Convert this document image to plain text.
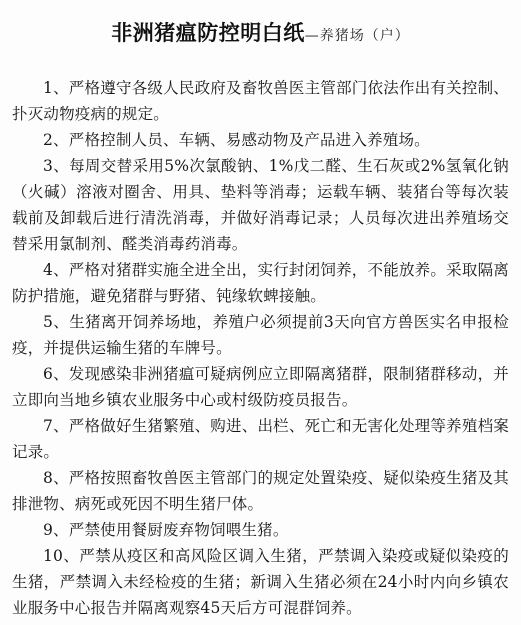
非洲猪瘟防控明白纸—养猪场（户）

1、严格遵守各级人民政府及畜牧兽医主管部门依法作出有关控制、扑灭动物疫病的规定。

2、严格控制人员、车辆、易感动物及产品进入养殖场。

3、每周交替采用5%次氯酸钠、1%戊二醛、生石灰或2%氢氧化钠（火碱）溶液对圈舍、用具、垫料等消毒；运载车辆、装猪台等每次装载前及卸载后进行清洗消毒，并做好消毒记录；人员每次进出养殖场交替采用氯制剂、醛类消毒药消毒。

4、严格对猪群实施全进全出，实行封闭饲养，不能放养。采取隔离防护措施，避免猪群与野猪、钝缘软蜱接触。

5、生猪离开饲养场地，养殖户必须提前3天向官方兽医实名申报检疫，并提供运输生猪的车牌号。

6、发现感染非洲猪瘟可疑病例应立即隔离猪群，限制猪群移动，并立即向当地乡镇农业服务中心或村级防疫员报告。

7、严格做好生猪繁殖、购进、出栏、死亡和无害化处理等养殖档案记录。

8、严格按照畜牧兽医主管部门的规定处置染疫、疑似染疫生猪及其排泄物、病死或死因不明生猪尸体。

9、严禁使用餐厨废弃物饲喂生猪。

10、严禁从疫区和高风险区调入生猪，严禁调入染疫或疑似染疫的生猪，严禁调入未经检疫的生猪；新调入生猪必须在24小时内向乡镇农业服务中心报告并隔离观察45天后方可混群饲养。
